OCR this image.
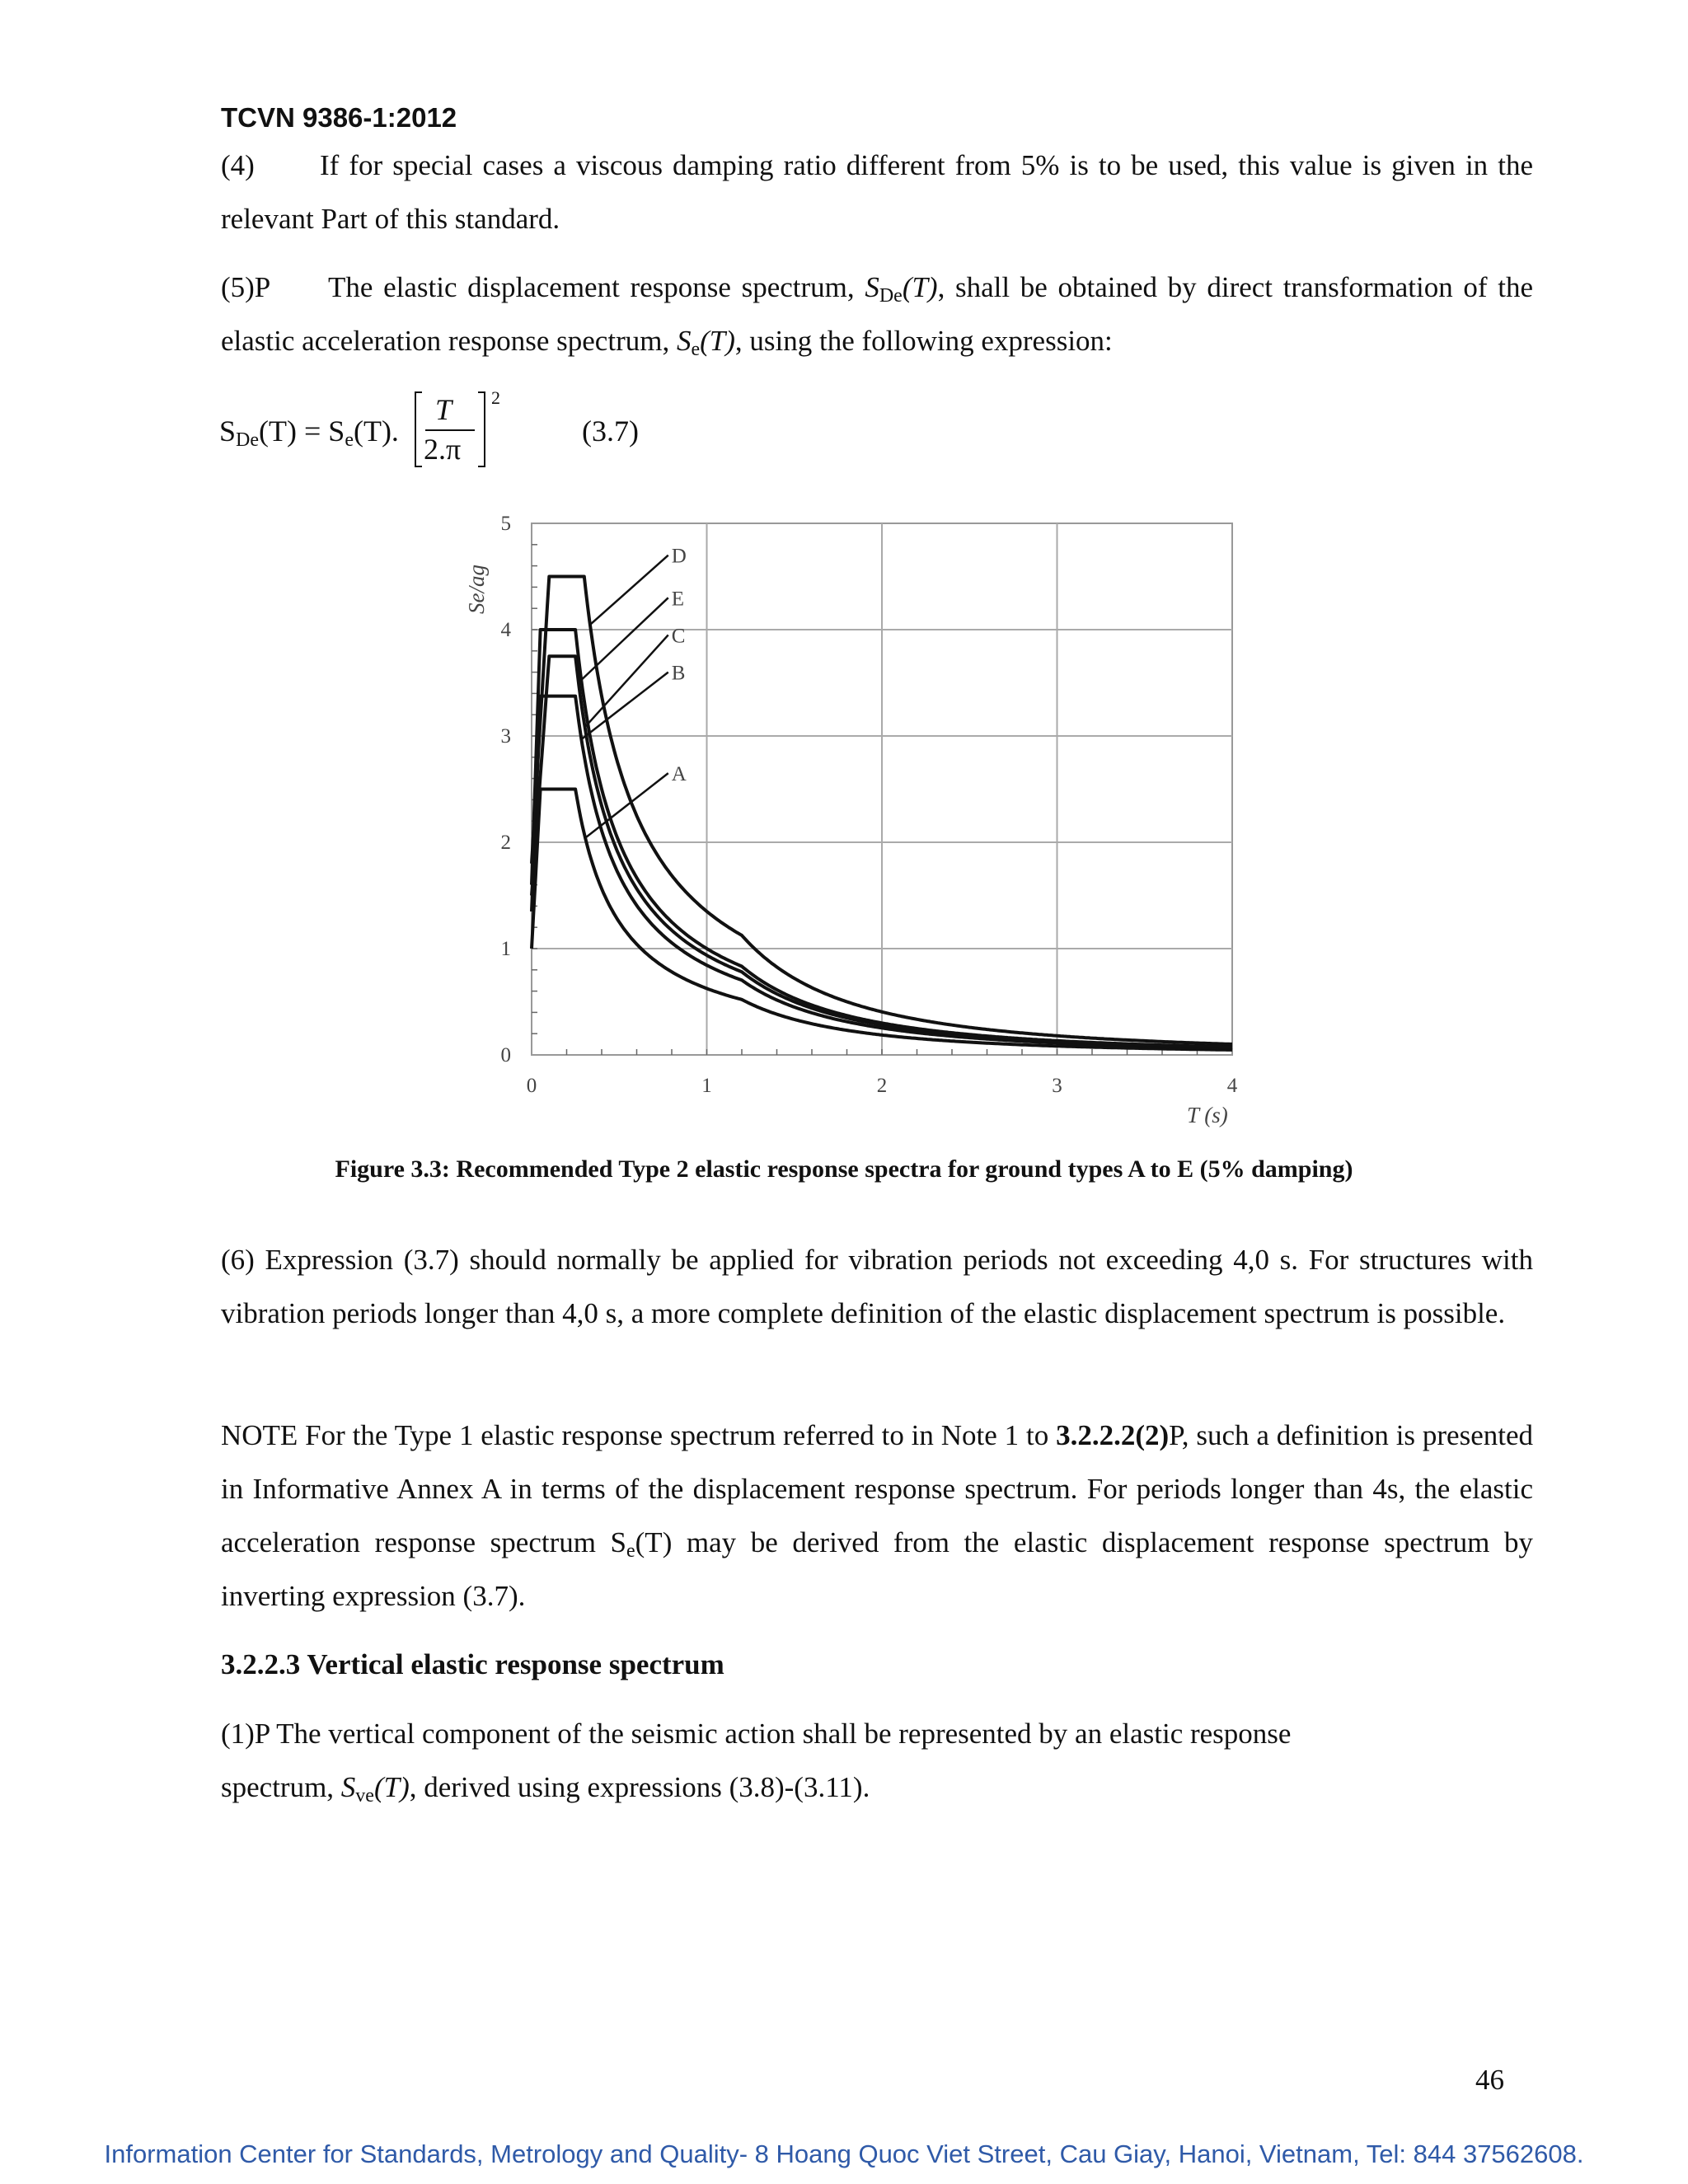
TCVN 9386-1:2012
(4) If for special cases a viscous damping ratio different from 5% is to be used, this value is given in the relevant Part of this standard.
(5)P The elastic displacement response spectrum, $S_{De}(T)$, shall be obtained by direct transformation of the elastic acceleration response spectrum, $S_e(T)$, using the following expression:
$S_{De}(T) = S_e(T)$.
T
2.π
2
(3.7)
0	1	2	3	4
0
1
2
3
4
5
T (s)
Se/ag
A
B
C
D
E
Figure 3.3: Recommended Type 2 elastic response spectra for ground types A to E (5% damping)
(6) Expression (3.7) should normally be applied for vibration periods not exceeding 4,0 s. For structures with vibration periods longer than 4,0 s, a more complete definition of the elastic displacement spectrum is possible.
NOTE For the Type 1 elastic response spectrum referred to in Note 1 to 3.2.2.2(2)P, such a definition is presented in Informative Annex A in terms of the displacement response spectrum. For periods longer than 4s, the elastic acceleration response spectrum $S_e(T)$ may be derived from the elastic displacement response spectrum by inverting expression (3.7).
3.2.2.3 Vertical elastic response spectrum
(1)P The vertical component of the seismic action shall be represented by an elastic response
spectrum, $S_{ve}(T)$, derived using expressions (3.8)-(3.11).
46
Information Center for Standards, Metrology and Quality- 8 Hoang Quoc Viet Street, Cau Giay, Hanoi, Vietnam, Tel: 844 37562608.
